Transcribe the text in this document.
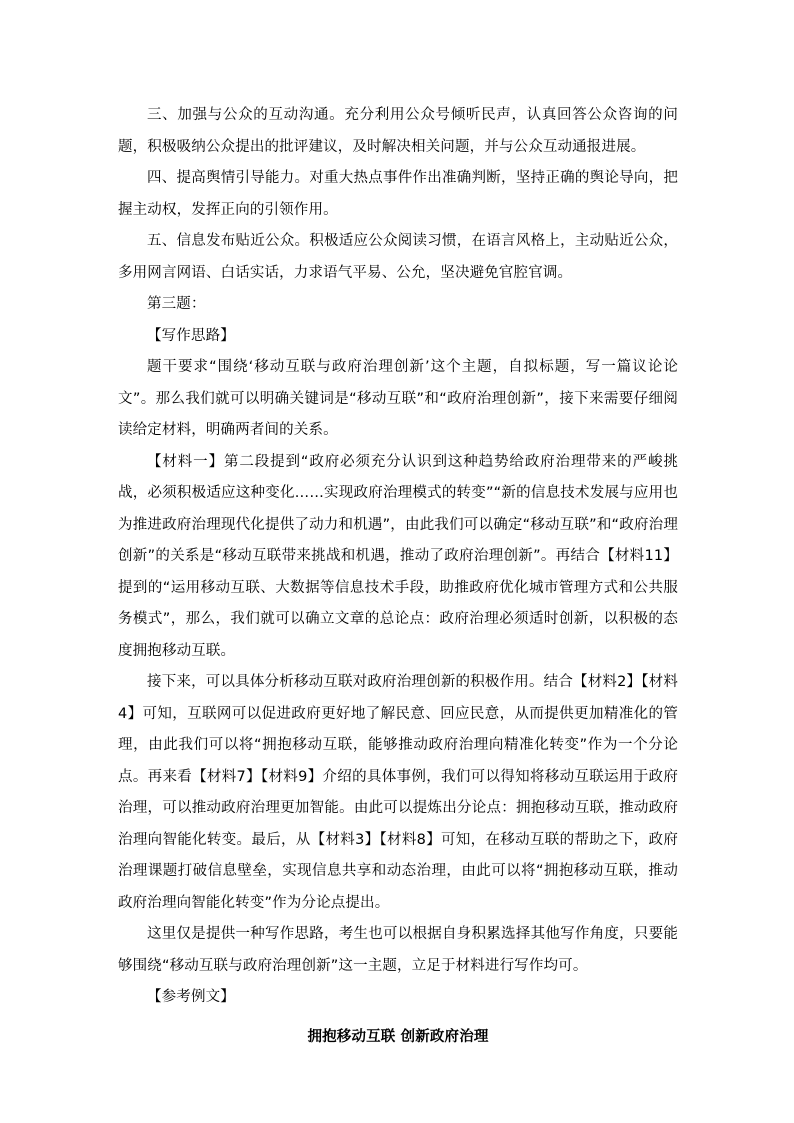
三、加强与公众的互动沟通。充分利用公众号倾听民声，认真回答公众咨询的问题，积极吸纳公众提出的批评建议，及时解决相关问题，并与公众互动通报进展。

四、提高舆情引导能力。对重大热点事件作出准确判断，坚持正确的舆论导向，把握主动权，发挥正向的引领作用。

五、信息发布贴近公众。积极适应公众阅读习惯，在语言风格上，主动贴近公众，多用网言网语、白话实话，力求语气平易、公允，坚决避免官腔官调。

第三题：

【写作思路】

题干要求“围绕‘移动互联与政府治理创新’这个主题，自拟标题，写一篇议论论文”。那么我们就可以明确关键词是“移动互联”和“政府治理创新”，接下来需要仔细阅读给定材料，明确两者间的关系。

【材料一】第二段提到“政府必须充分认识到这种趋势给政府治理带来的严峻挑战，必须积极适应这种变化……实现政府治理模式的转变”“新的信息技术发展与应用也为推进政府治理现代化提供了动力和机遇”，由此我们可以确定“移动互联”和“政府治理创新”的关系是“移动互联带来挑战和机遇，推动了政府治理创新”。再结合【材料11】提到的“运用移动互联、大数据等信息技术手段，助推政府优化城市管理方式和公共服务模式”，那么，我们就可以确立文章的总论点：政府治理必须适时创新，以积极的态度拥抱移动互联。

接下来，可以具体分析移动互联对政府治理创新的积极作用。结合【材料2】【材料4】可知，互联网可以促进政府更好地了解民意、回应民意，从而提供更加精准化的管理，由此我们可以将“拥抱移动互联，能够推动政府治理向精准化转变”作为一个分论点。再来看【材料7】【材料9】介绍的具体事例，我们可以得知将移动互联运用于政府治理，可以推动政府治理更加智能。由此可以提炼出分论点：拥抱移动互联，推动政府治理向智能化转变。最后，从【材料3】【材料8】可知，在移动互联的帮助之下，政府治理课题打破信息壁垒，实现信息共享和动态治理，由此可以将“拥抱移动互联，推动政府治理向智能化转变”作为分论点提出。

这里仅是提供一种写作思路，考生也可以根据自身积累选择其他写作角度，只要能够围绕“移动互联与政府治理创新”这一主题，立足于材料进行写作均可。

【参考例文】

拥抱移动互联 创新政府治理
